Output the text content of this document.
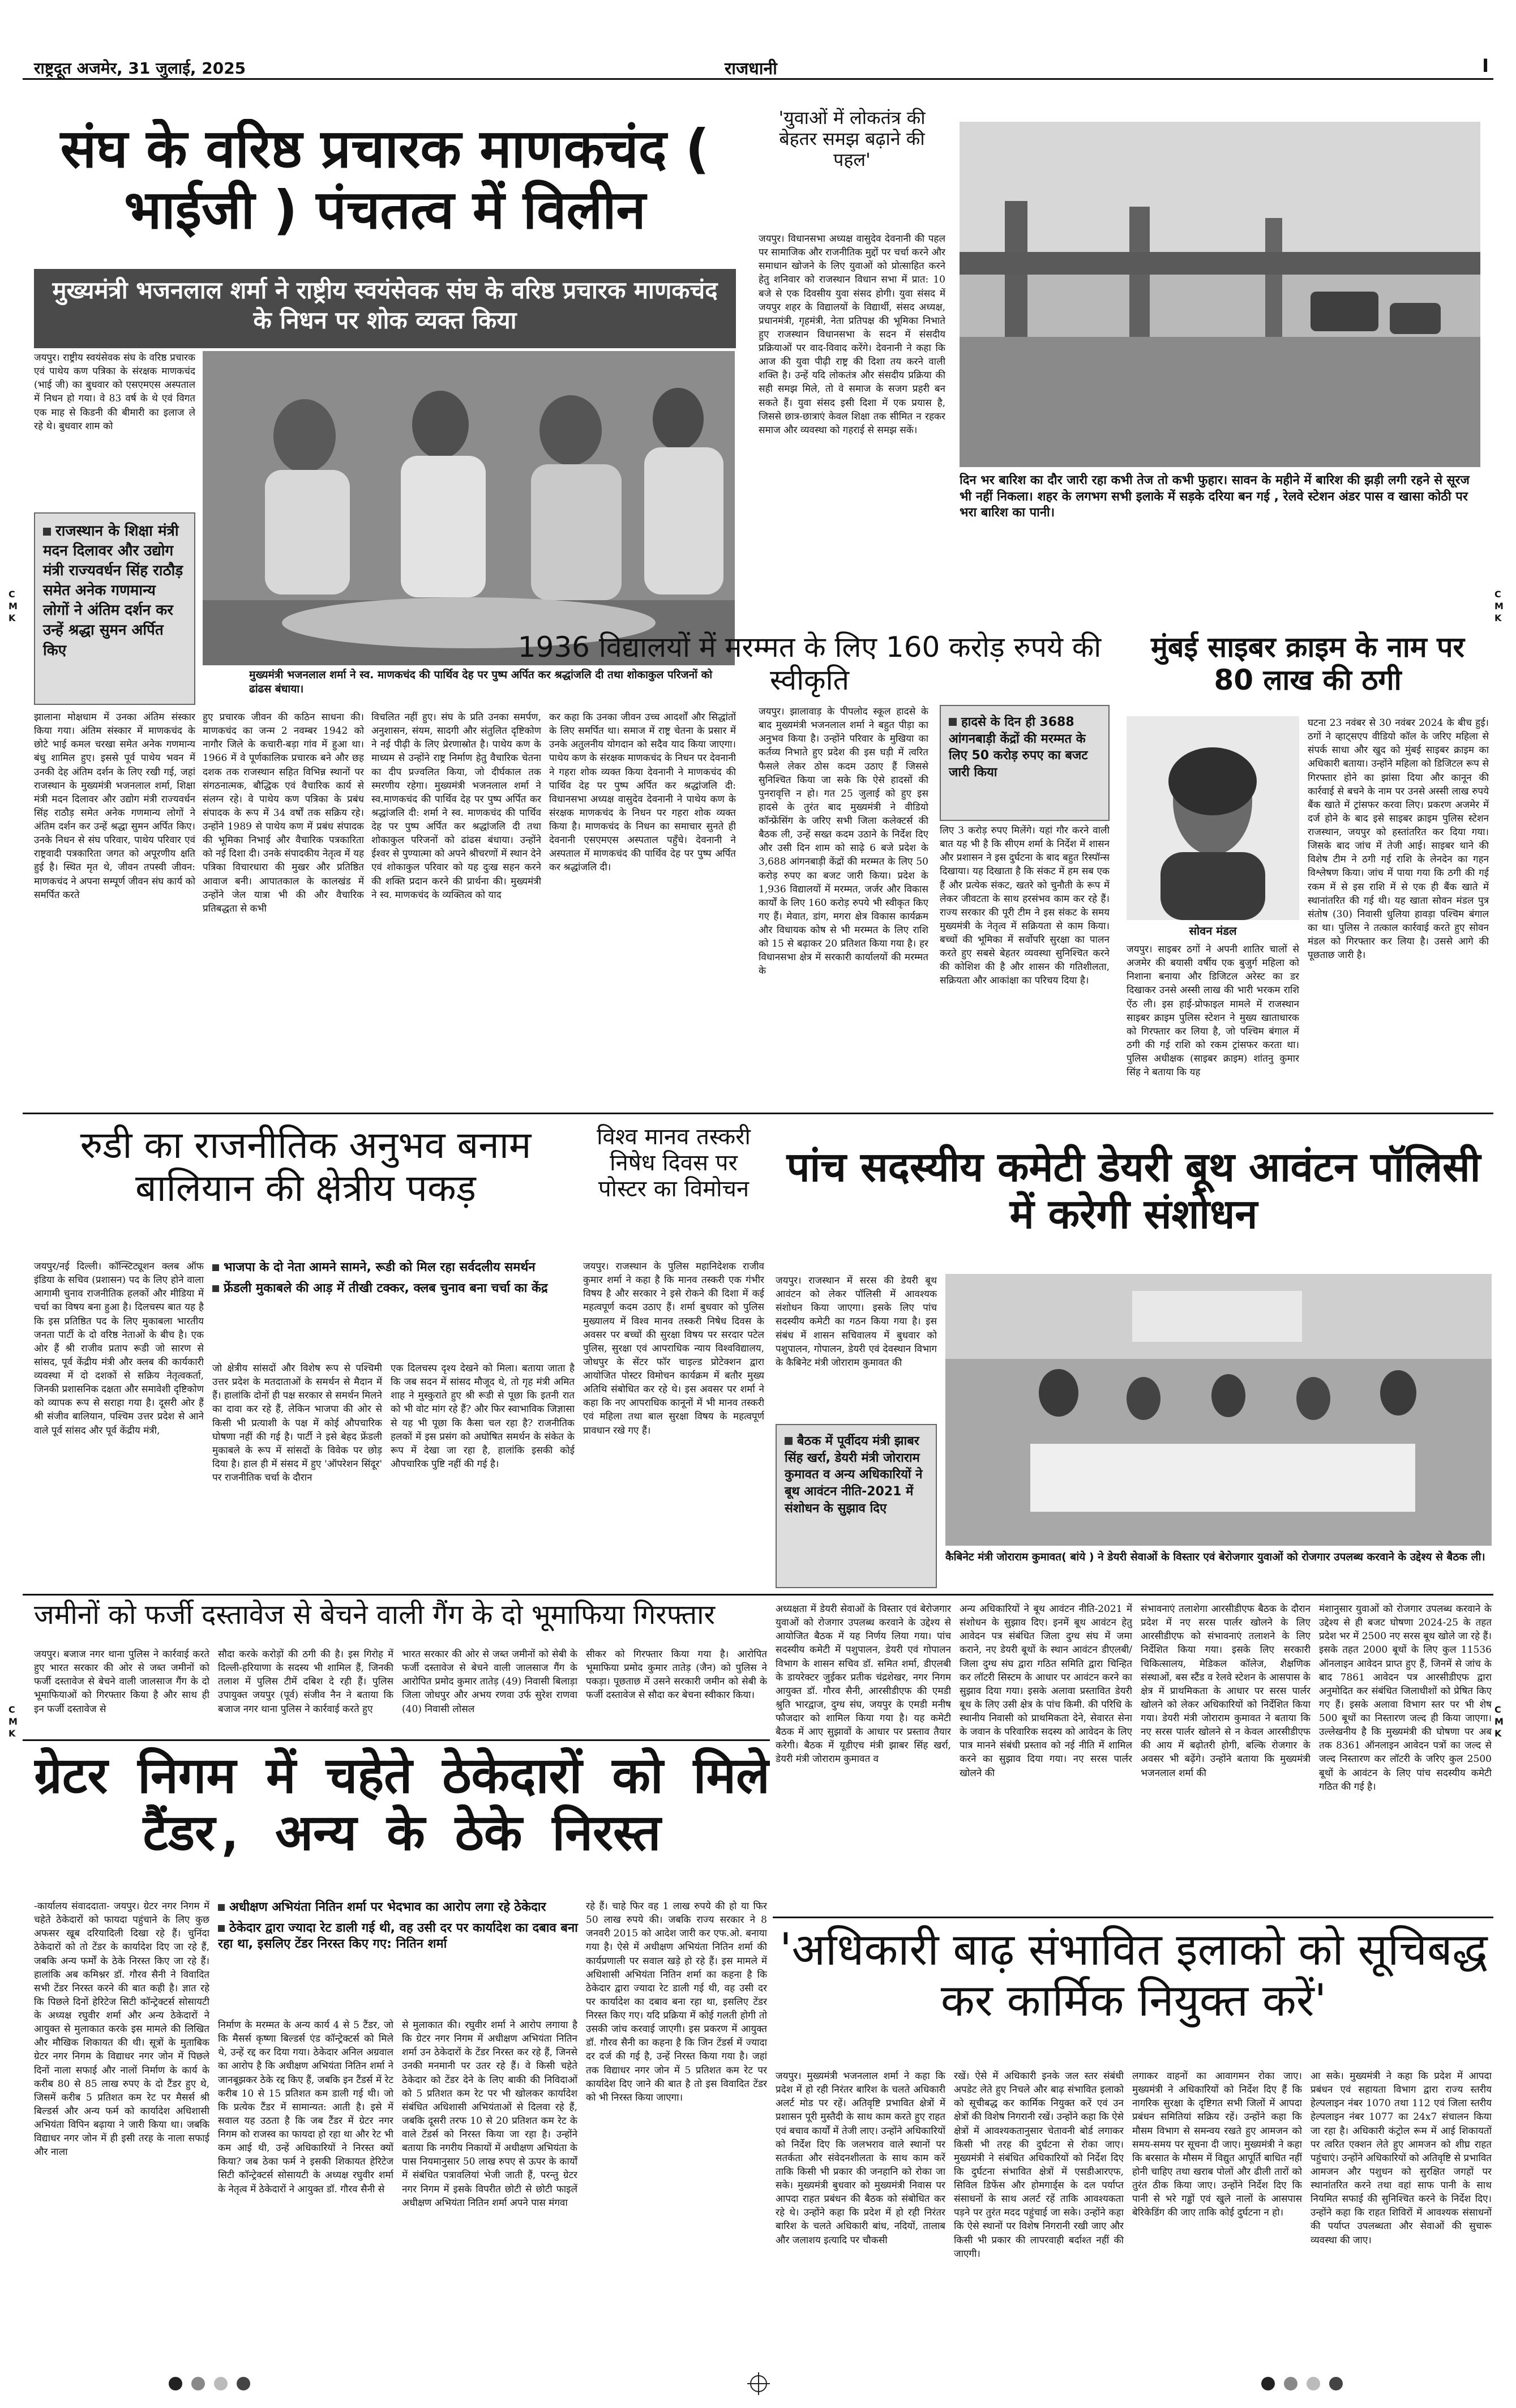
राष्ट्रदूत अजमेर, 31 जुलाई, 2025	राजधानी	I
C
M
K
C
M
K
C
M
K
C
M
K
संघ के वरिष्ठ प्रचारक माणकचंद ( भाईजी ) पंचतत्व में विलीन
मुख्यमंत्री भजनलाल शर्मा ने राष्ट्रीय स्वयंसेवक संघ के वरिष्ठ प्रचारक माणकचंद के निधन पर शोक व्यक्त किया
जयपुर। राष्ट्रीय स्वयंसेवक संघ के वरिष्ठ प्रचारक एवं पाथेय कण पत्रिका के संरक्षक माणकचंद (भाई जी) का बुधवार को एसएमएस अस्पताल में निधन हो गया। वे 83 वर्ष के थे एवं विगत एक माह से किडनी की बीमारी का इलाज ले रहे थे। बुधवार शाम को
राजस्थान के शिक्षा मंत्री मदन दिलावर और उद्योग मंत्री राज्यवर्धन सिंह राठौड़ समेत अनेक गणमान्य लोगों ने अंतिम दर्शन कर उन्हें श्रद्धा सुमन अर्पित किए
मुख्यमंत्री भजनलाल शर्मा ने स्व. माणकचंद की पार्थिव देह पर पुष्प अर्पित कर श्रद्धांजलि दी तथा शोकाकुल परिजनों को ढांढस बंधाया।
झालाना मोक्षधाम में उनका अंतिम संस्कार किया गया। अंतिम संस्कार में माणकचंद के छोटे भाई कमल चरखा समेत अनेक गणमान्य बंधु शामिल हुए। इससे पूर्व पाथेय भवन में उनकी देह अंतिम दर्शन के लिए रखी गई, जहां राजस्थान के मुख्यमंत्री भजनलाल शर्मा, शिक्षा मंत्री मदन दिलावर और उद्योग मंत्री राज्यवर्धन सिंह राठौड़ समेत अनेक गणमान्य लोगों ने अंतिम दर्शन कर उन्हें श्रद्धा सुमन अर्पित किए। उनके निधन से संघ परिवार, पाथेय परिवार एवं राष्ट्रवादी पत्रकारिता जगत को अपूरणीय क्षति हुई है। स्थित मृत थे, जीवन तपस्वी जीवन: माणकचंद ने अपना सम्पूर्ण जीवन संघ कार्य को समर्पित करते
हुए प्रचारक जीवन की कठिन साधना की। माणकचंद का जन्म 2 नवम्बर 1942 को नागौर जिले के कचारी-बड़ा गांव में हुआ था। 1966 में वे पूर्णकालिक प्रचारक बने और छह दशक तक राजस्थान सहित विभिन्न स्थानों पर संगठनात्मक, बौद्धिक एवं वैचारिक कार्य से संलग्न रहे। वे पाथेय कण पत्रिका के प्रबंध संपादक के रूप में 34 वर्षों तक सक्रिय रहे। उन्होंने 1989 से पाथेय कण में प्रबंध संपादक की भूमिका निभाई और वैचारिक पत्रकारिता को नई दिशा दी। उनके संपादकीय नेतृत्व में यह पत्रिका विचारधारा की मुखर और प्रतिष्ठित आवाज बनी। आपातकाल के कालखंड में उन्होंने जेल यात्रा भी की और वैचारिक प्रतिबद्धता से कभी
विचलित नहीं हुए। संघ के प्रति उनका समर्पण, अनुशासन, संयम, सादगी और संतुलित दृष्टिकोण ने नई पीढ़ी के लिए प्रेरणास्रोत है। पाथेय कण के माध्यम से उन्होंने राष्ट्र निर्माण हेतु वैचारिक चेतना का दीप प्रज्वलित किया, जो दीर्घकाल तक स्मरणीय रहेगा। मुख्यमंत्री भजनलाल शर्मा ने स्व.माणकचंद की पार्थिव देह पर पुष्प अर्पित कर श्रद्धांजलि दी: शर्मा ने स्व. माणकचंद की पार्थिव देह पर पुष्प अर्पित कर श्रद्धांजलि दी तथा शोकाकुल परिजनों को ढांढस बंधाया। उन्होंने ईश्वर से पुण्यात्मा को अपने श्रीचरणों में स्थान देने एवं शोकाकुल परिवार को यह दुःख सहन करने की शक्ति प्रदान करने की प्रार्थना की। मुख्यमंत्री ने स्व. माणकचंद के व्यक्तित्व को याद
कर कहा कि उनका जीवन उच्च आदर्शों और सिद्धांतों के लिए समर्पित था। समाज में राष्ट्र चेतना के प्रसार में उनके अतुलनीय योगदान को सदैव याद किया जाएगा। पाथेय कण के संरक्षक माणकचंद के निधन पर देवनानी ने गहरा शोक व्यक्त किया देवनानी ने माणकचंद की पार्थिव देह पर पुष्प अर्पित कर श्रद्धांजलि दी: विधानसभा अध्यक्ष वासुदेव देवनानी ने पाथेय कण के संरक्षक माणकचंद के निधन पर गहरा शोक व्यक्त किया है। माणकचंद के निधन का समाचार सुनते ही देवनानी एसएमएस अस्पताल पहुँचे। देवनानी ने अस्पताल में माणकचंद की पार्थिव देह पर पुष्प अर्पित कर श्रद्धांजलि दी।
'युवाओं में लोकतंत्र की बेहतर समझ बढ़ाने की पहल'
जयपुर। विधानसभा अध्यक्ष वासुदेव देवनानी की पहल पर सामाजिक और राजनीतिक मुद्दों पर चर्चा करने और समाधान खोजने के लिए युवाओं को प्रोत्साहित करने हेतु शनिवार को राजस्थान विधान सभा में प्रात: 10 बजे से एक दिवसीय युवा संसद होगी। युवा संसद में जयपुर शहर के विद्यालयों के विद्यार्थी, संसद अध्यक्ष, प्रधानमंत्री, गृहमंत्री, नेता प्रतिपक्ष की भूमिका निभाते हुए राजस्थान विधानसभा के सदन में संसदीय प्रक्रियाओं पर वाद-विवाद करेंगे। देवनानी ने कहा कि आज की युवा पीढ़ी राष्ट्र की दिशा तय करने वाली शक्ति है। उन्हें यदि लोकतंत्र और संसदीय प्रक्रिया की सही समझ मिले, तो वे समाज के सजग प्रहरी बन सकते हैं। युवा संसद इसी दिशा में एक प्रयास है, जिससे छात्र-छात्राएं केवल शिक्षा तक सीमित न रहकर समाज और व्यवस्था को गहराई से समझ सकें।
दिन भर बारिश का दौर जारी रहा कभी तेज तो कभी फुहार। सावन के महीने में बारिश की झड़ी लगी रहने से सूरज भी नहीं निकला। शहर के लगभग सभी इलाके में सड़के दरिया बन गई , रेलवे स्टेशन अंडर पास व खासा कोठी पर भरा बारिश का पानी।
1936 विद्यालयों में मरम्मत के लिए 160 करोड़ रुपये की स्वीकृति
जयपुर। झालावाड़ के पीपलोद स्कूल हादसे के बाद मुख्यमंत्री भजनलाल शर्मा ने बहुत पीड़ा का अनुभव किया है। उन्होंने परिवार के मुखिया का कर्तव्य निभाते हुए प्रदेश की इस घड़ी में त्वरित फैसले लेकर ठोस कदम उठाए हैं जिससे सुनिश्चित किया जा सके कि ऐसे हादसों की पुनरावृत्ति न हो। गत 25 जुलाई को हुए इस हादसे के तुरंत बाद मुख्यमंत्री ने वीडियो कॉन्फ्रेंसिंग के जरिए सभी जिला कलेक्टर्स की बैठक ली, उन्हें सख्त कदम उठाने के निर्देश दिए और उसी दिन शाम को साढ़े 6 बजे प्रदेश के 3,688 आंगनबाड़ी केंद्रों की मरम्मत के लिए 50 करोड़ रुपए का बजट जारी किया। प्रदेश के 1,936 विद्यालयों में मरम्मत, जर्जर और विकास कार्यों के लिए 160 करोड़ रुपये भी स्वीकृत किए गए हैं। मेवात, डांग, मगरा क्षेत्र विकास कार्यक्रम और विधायक कोष से भी मरम्मत के लिए राशि को 15 से बढ़ाकर 20 प्रतिशत किया गया है। हर विधानसभा क्षेत्र में सरकारी कार्यालयों की मरम्मत के
हादसे के दिन ही 3688 आंगनबाड़ी केंद्रों की मरम्मत के लिए 50 करोड़ रुपए का बजट जारी किया
लिए 3 करोड़ रुपए मिलेंगे। यहां गौर करने वाली बात यह भी है कि सीएम शर्मा के निर्देश में शासन और प्रशासन ने इस दुर्घटना के बाद बहुत रिस्पॉन्स दिखाया। यह दिखाता है कि संकट में हम सब एक हैं और प्रत्येक संकट, खतरे को चुनौती के रूप में लेकर जीवटता के साथ हरसंभव काम कर रहे हैं। राज्य सरकार की पूरी टीम ने इस संकट के समय मुख्यमंत्री के नेतृत्व में सक्रियता से काम किया। बच्चों की भूमिका में सर्वोपरि सुरक्षा का पालन करते हुए सबसे बेहतर व्यवस्था सुनिश्चित करने की कोशिश की है और शासन की गतिशीलता, सक्रियता और आकांक्षा का परिचय दिया है।
मुंबई साइबर क्राइम के नाम पर 80 लाख की ठगी
सोवन मंडल
जयपुर। साइबर ठगों ने अपनी शातिर चालों से अजमेर की बयासी वर्षीय एक बुजुर्ग महिला को निशाना बनाया और डिजिटल अरेस्ट का डर दिखाकर उनसे अस्सी लाख की भारी भरकम राशि ऐंठ ली। इस हाई-प्रोफाइल मामले में राजस्थान साइबर क्राइम पुलिस स्टेशन ने मुख्य खाताधारक को गिरफ्तार कर लिया है, जो पश्चिम बंगाल में ठगी की गई राशि को रकम ट्रांसफर करता था। पुलिस अधीक्षक (साइबर क्राइम) शांतनु कुमार सिंह ने बताया कि यह
घटना 23 नवंबर से 30 नवंबर 2024 के बीच हुई। ठगों ने व्हाट्सएप वीडियो कॉल के जरिए महिला से संपर्क साधा और खुद को मुंबई साइबर क्राइम का अधिकारी बताया। उन्होंने महिला को डिजिटल रूप से गिरफ्तार होने का झांसा दिया और कानून की कार्रवाई से बचने के नाम पर उनसे अस्सी लाख रुपये बैंक खाते में ट्रांसफर करवा लिए। प्रकरण अजमेर में दर्ज होने के बाद इसे साइबर क्राइम पुलिस स्टेशन राजस्थान, जयपुर को हस्तांतरित कर दिया गया। जिसके बाद जांच में तेजी आई। साइबर थाने की विशेष टीम ने ठगी गई राशि के लेनदेन का गहन विश्लेषण किया। जांच में पाया गया कि ठगी की गई रकम में से इस राशि में से एक ही बैंक खाते में स्थानांतरित की गई थी। यह खाता सोवन मंडल पुत्र संतोष (30) निवासी धुलिया हावड़ा पश्चिम बंगाल का था। पुलिस ने तत्काल कार्रवाई करते हुए सोवन मंडल को गिरफ्तार कर लिया है। उससे आगे की पूछताछ जारी है।
रुडी का राजनीतिक अनुभव बनाम बालियान की क्षेत्रीय पकड़
जयपुर/नई दिल्ली। कॉन्स्टिट्यूशन क्लब ऑफ इंडिया के सचिव (प्रशासन) पद के लिए होने वाला आगामी चुनाव राजनीतिक हलकों और मीडिया में चर्चा का विषय बना हुआ है। दिलचस्प बात यह है कि इस प्रतिष्ठित पद के लिए मुकाबला भारतीय जनता पार्टी के दो वरिष्ठ नेताओं के बीच है। एक ओर हैं श्री राजीव प्रताप रूडी जो सारण से सांसद, पूर्व केंद्रीय मंत्री और क्लब की कार्यकारी व्यवस्था में दो दशकों से सक्रिय नेतृत्वकर्ता, जिनकी प्रशासनिक दक्षता और समावेशी दृष्टिकोण को व्यापक रूप से सराहा गया है। दूसरी ओर हैं श्री संजीव बालियान, पश्चिम उत्तर प्रदेश से आने वाले पूर्व सांसद और पूर्व केंद्रीय मंत्री,
भाजपा के दो नेता आमने सामने, रूडी को मिल रहा सर्वदलीय समर्थन
फ्रेंडली मुकाबले की आड़ में तीखी टक्कर, क्लब चुनाव बना चर्चा का केंद्र
जो क्षेत्रीय सांसदों और विशेष रूप से पश्चिमी उत्तर प्रदेश के मतदाताओं के समर्थन से मैदान में हैं। हालांकि दोनों ही पक्ष सरकार से समर्थन मिलने का दावा कर रहे हैं, लेकिन भाजपा की ओर से किसी भी प्रत्याशी के पक्ष में कोई औपचारिक घोषणा नहीं की गई है। पार्टी ने इसे बेहद फ्रेंडली मुकाबले के रूप में सांसदों के विवेक पर छोड़ दिया है। हाल ही में संसद में हुए 'ऑपरेशन सिंदूर' पर राजनीतिक चर्चा के दौरान
एक दिलचस्प दृश्य देखने को मिला। बताया जाता है कि जब सदन में सांसद मौजूद थे, तो गृह मंत्री अमित शाह ने मुस्कुराते हुए श्री रूडी से पूछा कि इतनी रात को भी वोट मांग रहे हैं? और फिर स्वाभाविक जिज्ञासा से यह भी पूछा कि कैसा चल रहा है? राजनीतिक हलकों में इस प्रसंग को अघोषित समर्थन के संकेत के रूप में देखा जा रहा है, हालांकि इसकी कोई औपचारिक पुष्टि नहीं की गई है।
विश्व मानव तस्करी निषेध दिवस पर पोस्टर का विमोचन
जयपुर। राजस्थान के पुलिस महानिदेशक राजीव कुमार शर्मा ने कहा है कि मानव तस्करी एक गंभीर विषय है और सरकार ने इसे रोकने की दिशा में कई महत्वपूर्ण कदम उठाए हैं। शर्मा बुधवार को पुलिस मुख्यालय में विश्व मानव तस्करी निषेध दिवस के अवसर पर बच्चों की सुरक्षा विषय पर सरदार पटेल पुलिस, सुरक्षा एवं आपराधिक न्याय विश्वविद्यालय, जोधपुर के सेंटर फॉर चाइल्ड प्रोटेक्शन द्वारा आयोजित पोस्टर विमोचन कार्यक्रम में बतौर मुख्य अतिथि संबोधित कर रहे थे। इस अवसर पर शर्मा ने कहा कि नए आपराधिक कानूनों में भी मानव तस्करी एवं महिला तथा बाल सुरक्षा विषय के महत्वपूर्ण प्रावधान रखे गए हैं।
पांच सदस्यीय कमेटी डेयरी बूथ आवंटन पॉलिसी में करेगी संशोधन
जयपुर। राजस्थान में सरस की डेयरी बूथ आवंटन को लेकर पॉलिसी में आवश्यक संशोधन किया जाएगा। इसके लिए पांच सदस्यीय कमेटी का गठन किया गया है। इस संबंध में शासन सचिवालय में बुधवार को पशुपालन, गोपालन, डेयरी एवं देवस्थान विभाग के कैबिनेट मंत्री जोराराम कुमावत की
बैठक में पूर्वीदय मंत्री झाबर सिंह खर्रा, डेयरी मंत्री जोराराम कुमावत व अन्य अधिकारियों ने बूथ आवंटन नीति-2021 में संशोधन के सुझाव दिए
कैबिनेट मंत्री जोराराम कुमावत( बांये ) ने डेयरी सेवाओं के विस्तार एवं बेरोजगार युवाओं को रोजगार उपलब्ध करवाने के उद्देश्य से बैठक ली।
जमीनों को फर्जी दस्तावेज से बेचने वाली गैंग के दो भूमाफिया गिरफ्तार
जयपुर। बजाज नगर थाना पुलिस ने कार्रवाई करते हुए भारत सरकार की ओर से जब्त जमीनों को फर्जी दस्तावेज से बेचने वाली जालसाज गैंग के दो भूमाफियाओं को गिरफ्तार किया है और साथ ही इन फर्जी दस्तावेज से
सौदा करके करोड़ों की ठगी की है। इस गिरोह में दिल्ली-हरियाणा के सदस्य भी शामिल हैं, जिनकी तलाश में पुलिस टीमें दबिश दे रही हैं। पुलिस उपायुक्त जयपुर (पूर्व) संजीव नैन ने बताया कि बजाज नगर थाना पुलिस ने कार्रवाई करते हुए
भारत सरकार की ओर से जब्त जमीनों को सेबी के फर्जी दस्तावेज से बेचने वाली जालसाज गैंग के आरोपित प्रमोद कुमार तातेड़ (49) निवासी बिलाड़ा जिला जोधपुर और अभय रणवा उर्फ सुरेश राणवा (40) निवासी लोसल
सीकर को गिरफ्तार किया गया है। आरोपित भूमाफिया प्रमोद कुमार तातेड़ (जैन) को पुलिस ने पकड़ा। पूछताछ में उसने सरकारी जमीन को सेबी के फर्जी दस्तावेज से सौदा कर बेचना स्वीकार किया।
अध्यक्षता में डेयरी सेवाओं के विस्तार एवं बेरोजगार युवाओं को रोजगार उपलब्ध करवाने के उद्देश्य से आयोजित बैठक में यह निर्णय लिया गया। पांच सदस्यीय कमेटी में पशुपालन, डेयरी एवं गोपालन विभाग के शासन सचिव डॉ. समित शर्मा, डीएलबी के डायरेक्टर जुईकर प्रतीक चंद्रशेखर, नगर निगम आयुक्त डॉ. गौरव सैनी, आरसीडीएफ की एमडी श्रुति भारद्वाज, दुग्ध संघ, जयपुर के एमडी मनीष फौजदार को शामिल किया गया है। यह कमेटी बैठक में आए सुझावों के आधार पर प्रस्ताव तैयार करेगी। बैठक में यूडीएच मंत्री झाबर सिंह खर्रा, डेयरी मंत्री जोराराम कुमावत व
अन्य अधिकारियों ने बूथ आवंटन नीति-2021 में संशोधन के सुझाव दिए। इनमें बूथ आवंटन हेतु आवेदन पत्र संबंधित जिला दुग्ध संघ में जमा कराने, नए डेयरी बूथों के स्थान आवंटन डीएलबी/जिला दुग्ध संघ द्वारा गठित समिति द्वारा चिन्हित कर लॉटरी सिस्टम के आधार पर आवंटन करने का सुझाव दिया गया। इसके अलावा प्रस्तावित डेयरी बूथ के लिए उसी क्षेत्र के पांच किमी. की परिधि के स्थानीय निवासी को प्राथमिकता देने, सेवारत सेना के जवान के परिवारिक सदस्य को आवेदन के लिए पात्र मानने संबंधी प्रस्ताव को नई नीति में शामिल करने का सुझाव दिया गया। नए सरस पार्लर खोलने की
संभावनाएं तलाशेगा आरसीडीएफ बैठक के दौरान प्रदेश में नए सरस पार्लर खोलने के लिए आरसीडीएफ को संभावनाएं तलाशने के लिए निर्देशित किया गया। इसके लिए सरकारी चिकित्सालय, मेडिकल कॉलेज, शैक्षणिक संस्थाओं, बस स्टैंड व रेलवे स्टेशन के आसपास के क्षेत्र में प्राथमिकता के आधार पर सरस पार्लर खोलने को लेकर अधिकारियों को निर्देशित किया गया। डेयरी मंत्री जोराराम कुमावत ने बताया कि नए सरस पार्लर खोलने से न केवल आरसीडीएफ की आय में बढ़ोतरी होगी, बल्कि रोजगार के अवसर भी बढ़ेंगे। उन्होंने बताया कि मुख्यमंत्री भजनलाल शर्मा की
मंशानुसार युवाओं को रोजगार उपलब्ध करवाने के उद्देश्य से ही बजट घोषणा 2024-25 के तहत प्रदेश भर में 2500 नए सरस बूथ खोले जा रहे हैं। इसके तहत 2000 बूथों के लिए कुल 11536 ऑनलाइन आवेदन प्राप्त हुए हैं, जिनमें से जांच के बाद 7861 आवेदन पत्र आरसीडीएफ द्वारा अनुमोदित कर संबंधित जिलाधीशों को प्रेषित किए गए हैं। इसके अलावा विभाग स्तर पर भी शेष 500 बूथों का निस्तारण जल्द ही किया जाएगा। उल्लेखनीय है कि मुख्यमंत्री की घोषणा पर अब तक 8361 ऑनलाइन आवेदन पत्रों का जल्द से जल्द निस्तारण कर लॉटरी के जरिए कुल 2500 बूथों के आवंटन के लिए पांच सदस्यीय कमेटी गठित की गई है।
ग्रेटर निगम में चहेते ठेकेदारों को मिले टैंडर, अन्य के ठेके निरस्त
-कार्यालय संवाददाता- जयपुर। ग्रेटर नगर निगम में चहेते ठेकेदारों को फायदा पहुंचाने के लिए कुछ अफसर खूब दरियादिली दिखा रहे हैं। चुनिंदा ठेकेदारों को तो टेंडर के कार्यादेश दिए जा रहे हैं, जबकि अन्य फर्मों के ठेके निरस्त किए जा रहे हैं। हालांकि अब कमिश्नर डॉ. गौरव सैनी ने विवादित सभी टेंडर निरस्त करने की बात कही है। ज्ञात रहे कि पिछले दिनों हेरिटेज सिटी कॉन्ट्रेक्टर्स सोसायटी के अध्यक्ष रघुवीर शर्मा और अन्य ठेकेदारों ने आयुक्त से मुलाकात करके इस मामले की लिखित और मौखिक शिकायत की थी। सूत्रों के मुताबिक ग्रेटर नगर निगम के विद्याधर नगर जोन में पिछले दिनों नाला सफाई और नालों निर्माण के कार्य के करीब 80 से 85 लाख रुपए के दो टैंडर हुए थे, जिसमें करीब 5 प्रतिशत कम रेट पर मैसर्स श्री बिल्डर्स और अन्य फर्म को कार्यादेश अधिशासी अभियंता विपिन बढ़ाया ने जारी किया था। जबकि विद्याधर नगर जोन में ही इसी तरह के नाला सफाई और नाला
अधीक्षण अभियंता नितिन शर्मा पर भेदभाव का आरोप लगा रहे ठेकेदार
ठेकेदार द्वारा ज्यादा रेट डाली गई थी, वह उसी दर पर कार्यादेश का दबाव बना रहा था, इसलिए टेंडर निरस्त किए गए: नितिन शर्मा
निर्माण के मरम्मत के अन्य कार्य 4 से 5 टैंडर, जो कि मैसर्स कृष्णा बिल्डर्स एंड कॉन्ट्रेक्टर्स को मिले थे, उन्हें रद्द कर दिया गया। ठेकेदार अनिल अग्रवाल का आरोप है कि अधीक्षण अभियंता नितिन शर्मा ने जानबूझकर ठेके रद्द किए हैं, जबकि इन टैंडर्स में रेट करीब 10 से 15 प्रतिशत कम डाली गई थी। जो कि प्रत्येक टैंडर में सामान्यत: आती है। इसे में सवाल यह उठता है कि जब टैंडर में ग्रेटर नगर निगम को राजस्व का फायदा हो रहा था और रेट भी कम आई थी, उन्हें अधिकारियों ने निरस्त क्यों किया? जब ठेका फर्म ने इसकी शिकायत हेरिटेज सिटी कॉन्ट्रेक्टर्स सोसायटी के अध्यक्ष रघुवीर शर्मा के नेतृत्व में ठेकेदारों ने आयुक्त डॉ. गौरव सैनी से
से मुलाकात की। रघुवीर शर्मा ने आरोप लगाया है कि ग्रेटर नगर निगम में अधीक्षण अभियंता नितिन शर्मा उन ठेकेदारों के टेंडर निरस्त कर रहे हैं, जिनसे उनकी मनमानी पर उतर रहे हैं। वे किसी चहेते ठेकेदार को टेंडर देने के लिए बाकी की निविदाओं को 5 प्रतिशत कम रेट पर भी खोलकर कार्यादेश संबंधित अधिशासी अभियंताओं से दिलवा रहे हैं, जबकि दूसरी तरफ 10 से 20 प्रतिशत कम रेट के वाले टेंडर्स को निरस्त किया जा रहा है। उन्होंने बताया कि नगरीय निकायों में अधीक्षण अभियंता के पास नियमानुसार 50 लाख रुपए से ऊपर के कार्यों में संबंधित पत्रावलियां भेजी जाती हैं, परन्तु ग्रेटर नगर निगम में इसके विपरीत छोटी से छोटी फाइलें अधीक्षण अभियंता नितिन शर्मा अपने पास मंगवा
रहे हैं। चाहे फिर वह 1 लाख रुपये की हो या फिर 50 लाख रुपये की। जबकि राज्य सरकार ने 8 जनवरी 2015 को आदेश जारी कर एफ.ओ. बनाया गया है। ऐसे में अधीक्षण अभियंता नितिन शर्मा की कार्यप्रणाली पर सवाल खड़े हो रहे हैं। इस मामले में अधिशासी अभियंता नितिन शर्मा का कहना है कि ठेकेदार द्वारा ज्यादा रेट डाली गई थी, वह उसी दर पर कार्यादेश का दबाव बना रहा था, इसलिए टेंडर निरस्त किए गए। यदि प्रक्रिया में कोई गलती होगी तो उसकी जांच करवाई जाएगी। इस प्रकरण में आयुक्त डॉ. गौरव सैनी का कहना है कि जिन टेंडर्स में ज्यादा दर दर्ज की गई है, उन्हें निरस्त किया गया है। जहां तक विद्याधर नगर जोन में 5 प्रतिशत कम रेट पर कार्यादेश दिए जाने की बात है तो इस विवादित टेंडर को भी निरस्त किया जाएगा।
'अधिकारी बाढ़ संभावित इलाको को सूचिबद्ध कर कार्मिक नियुक्त करें'
जयपुर। मुख्यमंत्री भजनलाल शर्मा ने कहा कि प्रदेश में हो रही निरंतर बारिश के चलते अधिकारी अलर्ट मोड पर रहें। अतिवृष्टि प्रभावित क्षेत्रों में प्रशासन पूरी मुस्तैदी के साथ काम करते हुए राहत एवं बचाव कार्यों में तेजी लाए। उन्होंने अधिकारियों को निर्देश दिए कि जलभराव वाले स्थानों पर सतर्कता और संवेदनशीलता के साथ काम करें ताकि किसी भी प्रकार की जनहानि को रोका जा सके। मुख्यमंत्री बुधवार को मुख्यमंत्री निवास पर आपदा राहत प्रबंधन की बैठक को संबोधित कर रहे थे। उन्होंने कहा कि प्रदेश में हो रही निरंतर बारिश के चलते अधिकारी बांध, नदियों, तालाब और जलाशय इत्यादि पर चौकसी
रखें। ऐसे में अधिकारी इनके जल स्तर संबंधी अपडेट लेते हुए निचले और बाढ़ संभावित इलाको को सूचीबद्ध कर कार्मिक नियुक्त करें एवं उन क्षेत्रों की विशेष निगरानी रखें। उन्होंने कहा कि ऐसे क्षेत्रों में आवश्यकतानुसार चेतावनी बोर्ड लगाकर किसी भी तरह की दुर्घटना से रोका जाए। मुख्यमंत्री ने संबंधित अधिकारियों को निर्देश दिए कि दुर्घटना संभावित क्षेत्रों में एसडीआरएफ, सिविल डिफेंस और होमगार्ड्स के दल पर्याप्त संसाधनों के साथ अलर्ट रहें ताकि आवश्यकता पड़ने पर तुरंत मदद पहुंचाई जा सके। उन्होंने कहा कि ऐसे स्थानों पर विशेष निगरानी रखी जाए और किसी भी प्रकार की लापरवाही बर्दाश्त नहीं की जाएगी।
लगाकर वाहनों का आवागमन रोका जाए। मुख्यमंत्री ने अधिकारियों को निर्देश दिए हैं कि नागरिक सुरक्षा के दृष्टिगत सभी जिलों में आपदा प्रबंधन समितियां सक्रिय रहें। उन्होंने कहा कि मौसम विभाग से समन्वय रखते हुए आमजन को समय-समय पर सूचना दी जाए। मुख्यमंत्री ने कहा कि बरसात के मौसम में विद्युत आपूर्ति बाधित नहीं होनी चाहिए तथा खराब पोलों और ढीली तारों को तुरंत ठीक किया जाए। उन्होंने निर्देश दिए कि पानी से भरे गड्ढों एवं खुले नालों के आसपास बेरिकेडिंग की जाए ताकि कोई दुर्घटना न हो।
आ सके। मुख्यमंत्री ने कहा कि प्रदेश में आपदा प्रबंधन एवं सहायता विभाग द्वारा राज्य स्तरीय हेल्पलाइन नंबर 1070 तथा 112 एवं जिला स्तरीय हेल्पलाइन नंबर 1077 का 24x7 संचालन किया जा रहा है। अधिकारी कंट्रोल रूम में आई शिकायतों पर त्वरित एक्शन लेते हुए आमजन को शीघ्र राहत पहुंचाएं। उन्होंने अधिकारियों को अतिवृष्टि से प्रभावित आमजन और पशुधन को सुरक्षित जगहों पर स्थानांतरित करने तथा वहां साफ पानी के साथ नियमित सफाई की सुनिश्चित करने के निर्देश दिए। उन्होंने कहा कि राहत शिविरों में आवश्यक संसाधनों की पर्याप्त उपलब्धता और सेवाओं की सुचारू व्यवस्था की जाए।
